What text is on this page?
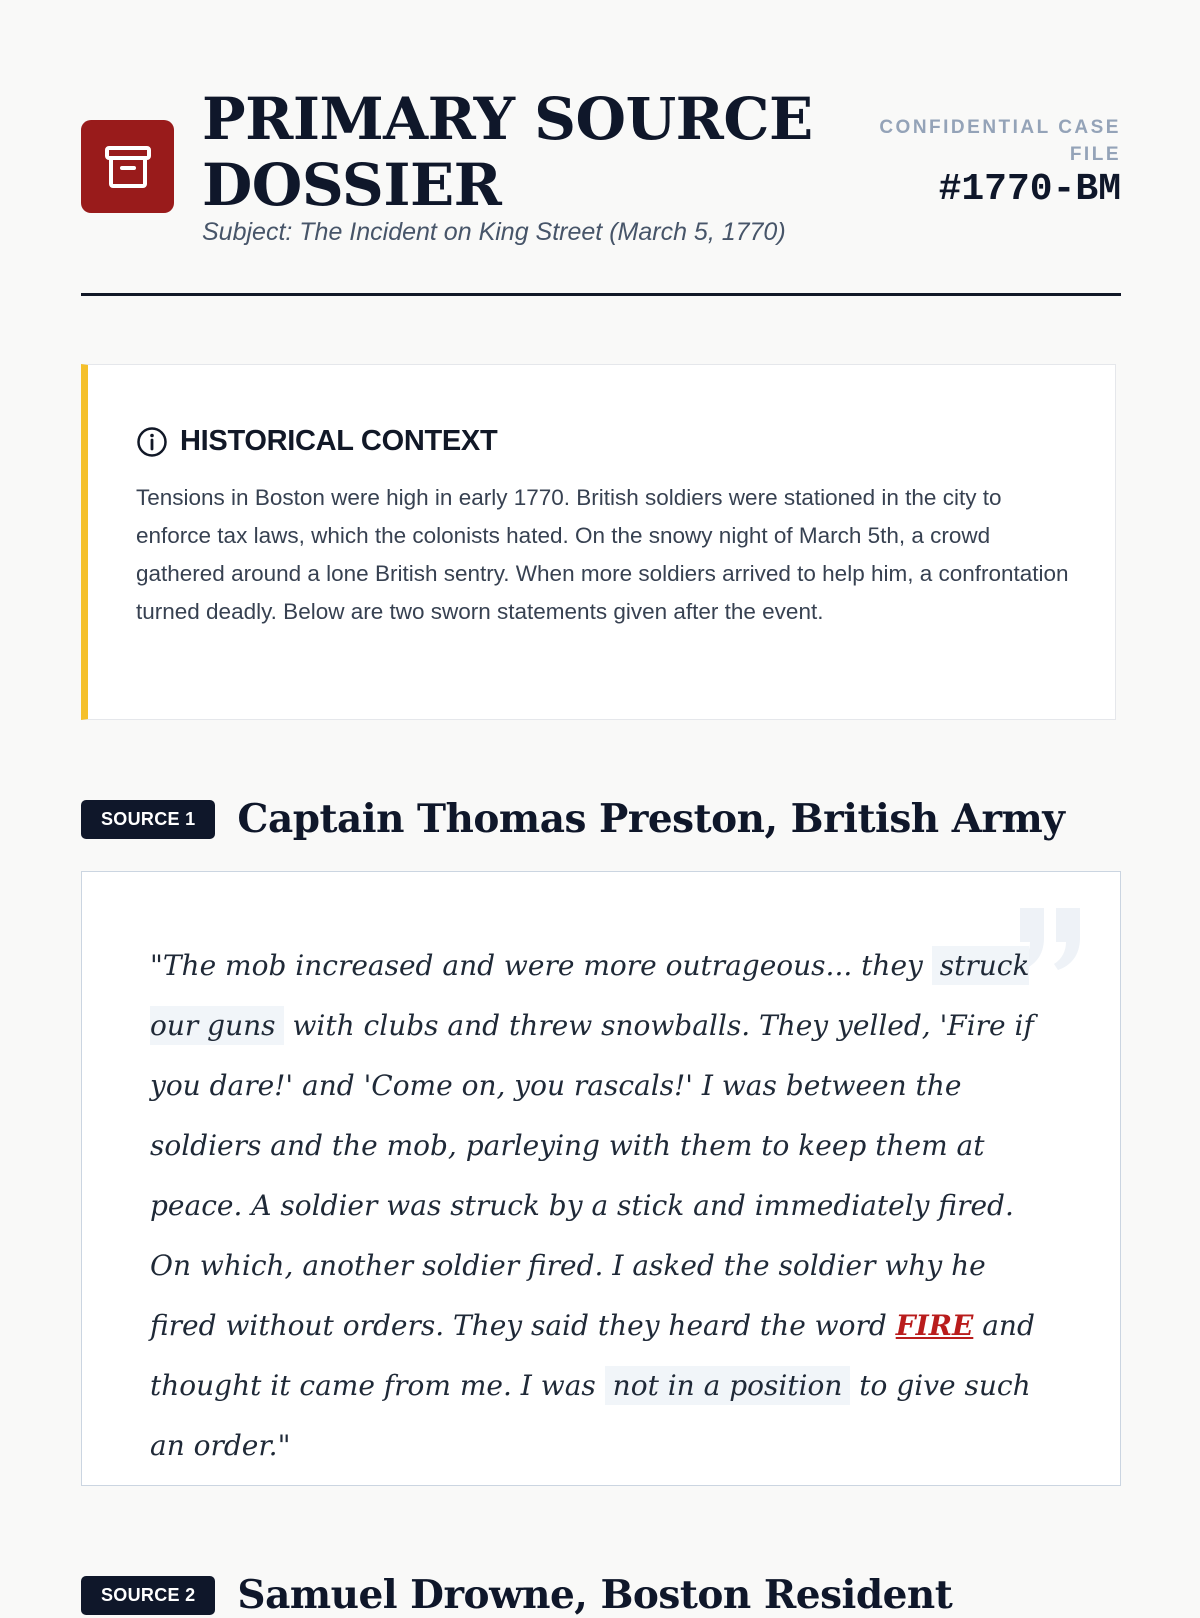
PRIMARY SOURCE DOSSIER

Subject: The Incident on King Street (March 5, 1770)

CONFIDENTIAL CASE FILE
#1770-BM
HISTORICAL CONTEXT

Tensions in Boston were high in early 1770. British soldiers were stationed in the city to enforce tax laws, which the colonists hated. On the snowy night of March 5th, a crowd gathered around a lone British sentry. When more soldiers arrived to help him, a confrontation turned deadly. Below are two sworn statements given after the event.

SOURCE 1	Captain Thomas Preston, British Army

"The mob increased and were more outrageous... they struck our guns with clubs and threw snowballs. They yelled, 'Fire if you dare!' and 'Come on, you rascals!' I was between the soldiers and the mob, parleying with them to keep them at peace. A soldier was struck by a stick and immediately fired. On which, another soldier fired. I asked the soldier why he fired without orders. They said they heard the word FIRE and thought it came from me. I was not in a position to give such an order."

SOURCE 2	Samuel Drowne, Boston Resident
